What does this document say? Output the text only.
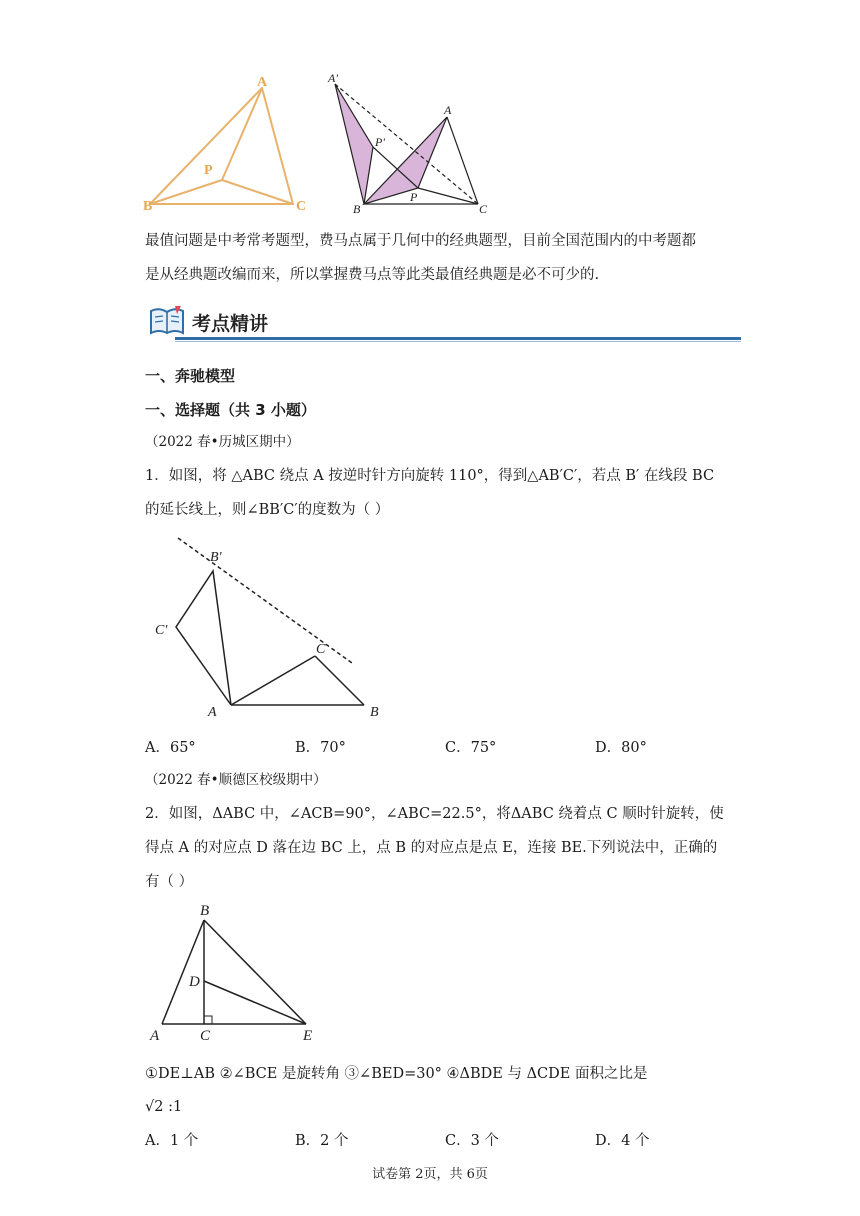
A
P
B	C
A'
A
P'
B
P
C
最值问题是中考常考题型，费马点属于几何中的经典题型，目前全国范围内的中考题都
是从经典题改编而来，所以掌握费马点等此类最值经典题是必不可少的.
考点精讲
一、奔驰模型
一、选择题（共 3 小题）
（2022 春•历城区期中）
1．如图，将 △ABC 绕点 A 按逆时针方向旋转 110°，得到△AB′C′，若点 B′ 在线段 BC
的延长线上，则∠BB′C′的度数为（ ）
B'
C'
C
A	B
A．65°	B．70°	C．75°	D．80°
（2022 春•顺德区校级期中）
2．如图，ΔABC 中，∠ACB=90°，∠ABC=22.5°，将ΔABC 绕着点 C 顺时针旋转，使
得点 A 的对应点 D 落在边 BC 上，点 B 的对应点是点 E，连接 BE.下列说法中，正确的
有（ ）
B
D
A	C	E
①DE⊥AB ②∠BCE 是旋转角 ③∠BED=30° ④ΔBDE 与 ΔCDE 面积之比是
√2 :1
A．1 个	B．2 个	C．3 个	D．4 个
试卷第 2页，共 6页
